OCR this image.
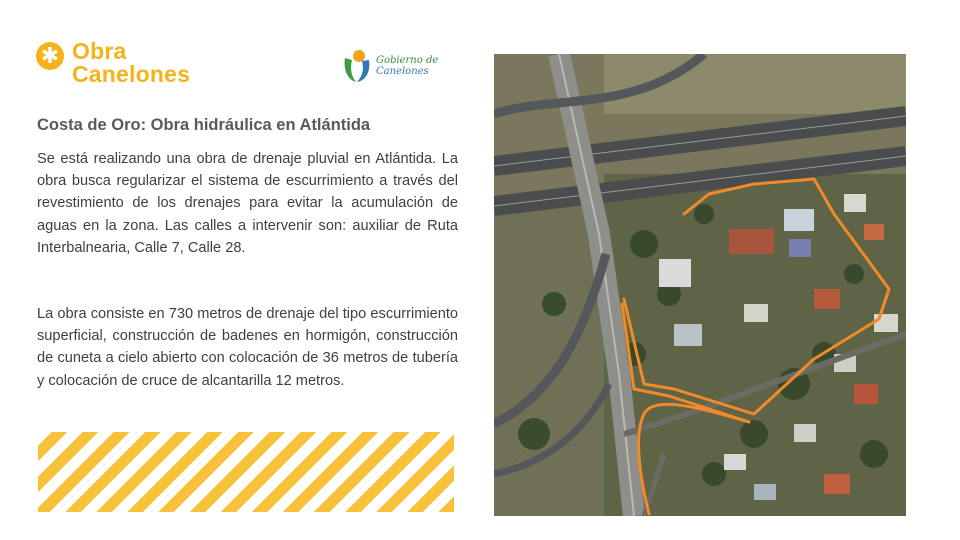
✱ Obra
Canelones
Gobierno de
Canelones
Costa de Oro: Obra hidráulica en Atlántida

Se está realizando una obra de drenaje pluvial en Atlántida. La obra busca regularizar el sistema de escurrimiento a través del revestimiento de los drenajes para evitar la acumulación de aguas en la zona. Las calles a intervenir son: auxiliar de Ruta Interbalnearia, Calle 7, Calle 28.

La obra consiste en 730 metros de drenaje del tipo escurrimiento superficial, construcción de badenes en hormigón, construcción de cuneta a cielo abierto con colocación de 36 metros de tubería y colocación de cruce de alcantarilla 12 metros.
